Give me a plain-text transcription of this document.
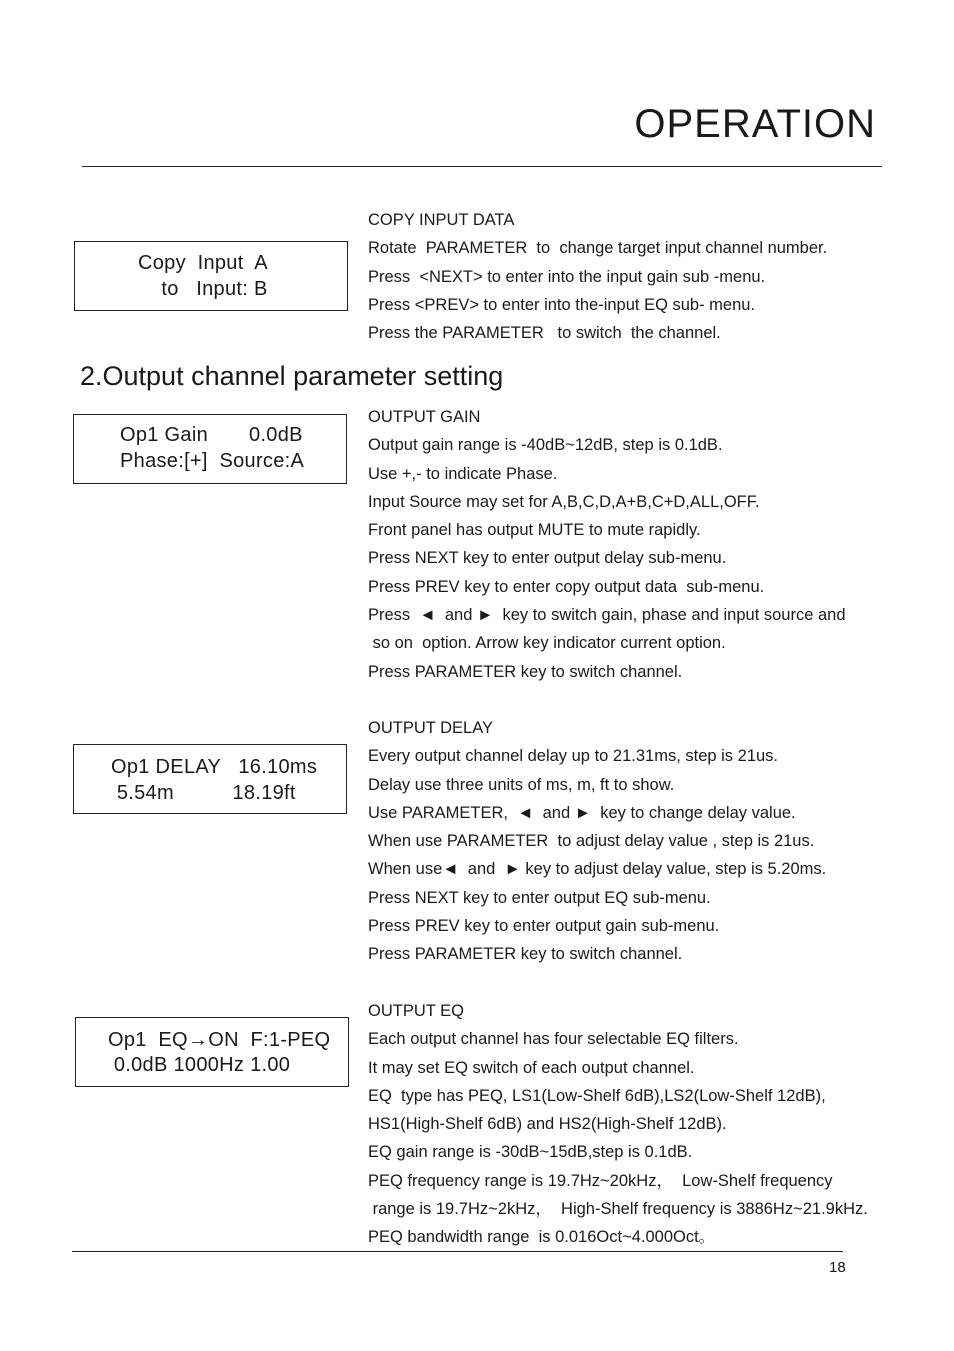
OPERATION
Copy  Input  A
to   Input: B
COPY INPUT DATA
Rotate  PARAMETER  to  change target input channel number.
Press  <NEXT> to enter into the input gain sub -menu.
Press <PREV> to enter into the-input EQ sub- menu.
Press the PARAMETER   to switch  the channel.
2.Output channel parameter setting
Op1 Gain       0.0dB
Phase:[+]  Source:A
OUTPUT GAIN
Output gain range is -40dB~12dB, step is 0.1dB.
Use +,- to indicate Phase.
Input Source may set for A,B,C,D,A+B,C+D,ALL,OFF.
Front panel has output MUTE to mute rapidly.
Press NEXT key to enter output delay sub-menu.
Press PREV key to enter copy output data  sub-menu.
Press  ◄  and ►  key to switch gain, phase and input source and
so on  option. Arrow key indicator current option.
Press PARAMETER key to switch channel.
Op1 DELAY   16.10ms
5.54m          18.19ft
OUTPUT DELAY
Every output channel delay up to 21.31ms, step is 21us.
Delay use three units of ms, m, ft to show.
Use PARAMETER,  ◄  and ►  key to change delay value.
When use PARAMETER  to adjust delay value , step is 21us.
When use◄  and  ► key to adjust delay value, step is 5.20ms.
Press NEXT key to enter output EQ sub-menu.
Press PREV key to enter output gain sub-menu.
Press PARAMETER key to switch channel.
Op1  EQ→ON  F:1-PEQ
0.0dB 1000Hz 1.00
OUTPUT EQ
Each output channel has four selectable EQ filters.
It may set EQ switch of each output channel.
EQ  type has PEQ, LS1(Low-Shelf 6dB),LS2(Low-Shelf 12dB),
HS1(High-Shelf 6dB) and HS2(High-Shelf 12dB).
EQ gain range is -30dB~15dB,step is 0.1dB.
PEQ frequency range is 19.7Hz~20kHz，  Low-Shelf frequency
range is 19.7Hz~2kHz，  High-Shelf frequency is 3886Hz~21.9kHz.
PEQ bandwidth range  is 0.016Oct~4.000Oct。
18
